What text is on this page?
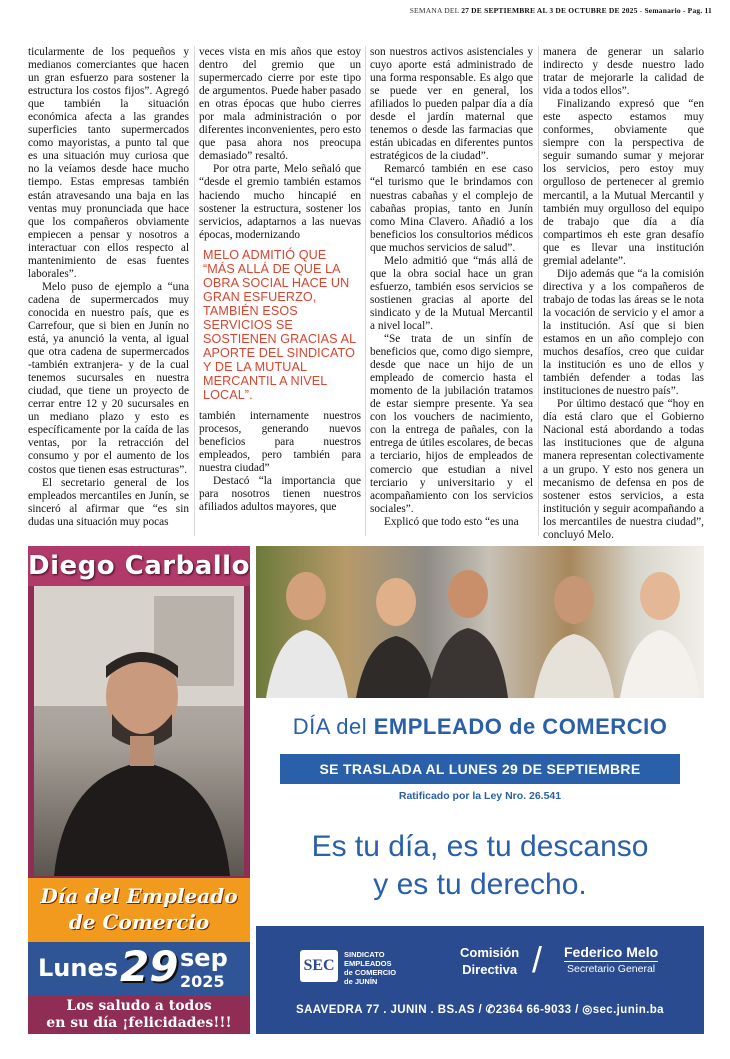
SEMANA DEL 27 DE SEPTIEMBRE AL 3 DE OCTUBRE DE 2025 - Semanario - Pag. 11

ticularmente de los pequeños y medianos comerciantes que hacen un gran esfuerzo para sostener la estructura los costos fijos”. Agregó que también la situación económica afecta a las grandes superficies tanto supermercados como mayoristas, a punto tal que es una situación muy curiosa que no la veíamos desde hace mucho tiempo. Estas empresas también están atravesando una baja en las ventas muy pronunciada que hace que los compañeros obviamente empiecen a pensar y nosotros a interactuar con ellos respecto al mantenimiento de esas fuentes laborales”.

Melo puso de ejemplo a “una cadena de supermercados muy conocida en nuestro país, que es Carrefour, que si bien en Junín no está, ya anunció la venta, al igual que otra cadena de supermercados -también extranjera- y de la cual tenemos sucursales en nuestra ciudad, que tiene un proyecto de cerrar entre 12 y 20 sucursales en un mediano plazo y esto es específicamente por la caída de las ventas, por la retracción del consumo y por el aumento de los costos que tienen esas estructuras”.

El secretario general de los empleados mercantiles en Junín, se sinceró al afirmar que “es sin dudas una situación muy pocas

veces vista en mis años que estoy dentro del gremio que un supermercado cierre por este tipo de argumentos. Puede haber pasado en otras épocas que hubo cierres por mala administración o por diferentes inconvenientes, pero esto que pasa ahora nos preocupa demasiado” resaltó.

Por otra parte, Melo señaló que “desde el gremio también estamos haciendo mucho hincapié en sostener la estructura, sostener los servicios, adaptarnos a las nuevas épocas, modernizando

MELO ADMITIÓ QUE “MÁS ALLÁ DE QUE LA OBRA SOCIAL HACE UN GRAN ESFUERZO, TAMBIÉN ESOS SERVICIOS SE SOSTIENEN GRACIAS AL APORTE DEL SINDICATO Y DE LA MUTUAL MERCANTIL A NIVEL LOCAL”.

también internamente nuestros procesos, generando nuevos beneficios para nuestros empleados, pero también para nuestra ciudad”

Destacó “la importancia que para nosotros tienen nuestros afiliados adultos mayores, que

son nuestros activos asistenciales y cuyo aporte está administrado de una forma responsable. Es algo que se puede ver en general, los afiliados lo pueden palpar día a día desde el jardín maternal que tenemos o desde las farmacias que están ubicadas en diferentes puntos estratégicos de la ciudad”.

Remarcó también en ese caso “el turismo que le brindamos con nuestras cabañas y el complejo de cabañas propias, tanto en Junín como Mina Clavero. Añadió a los beneficios los consultorios médicos que muchos servicios de salud”.

Melo admitió que “más allá de que la obra social hace un gran esfuerzo, también esos servicios se sostienen gracias al aporte del sindicato y de la Mutual Mercantil a nivel local”.

“Se trata de un sinfín de beneficios que, como digo siempre, desde que nace un hijo de un empleado de comercio hasta el momento de la jubilación tratamos de estar siempre presente. Ya sea con los vouchers de nacimiento, con la entrega de pañales, con la entrega de útiles escolares, de becas a terciario, hijos de empleados de comercio que estudian a nivel terciario y universitario y el acompañamiento con los servicios sociales”.

Explicó que todo esto “es una

manera de generar un salario indirecto y desde nuestro lado tratar de mejorarle la calidad de vida a todos ellos”.

Finalizando expresó que “en este aspecto estamos muy conformes, obviamente que siempre con la perspectiva de seguir sumando sumar y mejorar los servicios, pero estoy muy orgulloso de pertenecer al gremio mercantil, a la Mutual Mercantil y también muy orgulloso del equipo de trabajo que día a día compartimos eh este gran desafío que es llevar una institución gremial adelante”.

Dijo además que “a la comisión directiva y a los compañeros de trabajo de todas las áreas se le nota la vocación de servicio y el amor a la institución. Así que si bien estamos en un año complejo con muchos desafíos, creo que cuidar la institución es uno de ellos y también defender a todas las instituciones de nuestro país”.

Por último destacó que “hoy en día está claro que el Gobierno Nacional está abordando a todas las instituciones que de alguna manera representan colectivamente a un grupo. Y esto nos genera un mecanismo de defensa en pos de sostener estos servicios, a esta institución y seguir acompañando a los mercantiles de nuestra ciudad”, concluyó Melo.

Diego Carballo
Día del Empleado
de Comercio
Lunes 29 sep
2025
Los saludo a todos
en su día ¡felicidades!!!
DÍA del EMPLEADO de COMERCIO
SE TRASLADA AL LUNES 29 DE SEPTIEMBRE
Ratificado por la Ley Nro. 26.541
Es tu día, es tu descanso
y es tu derecho.
SEC
SINDICATO
EMPLEADOS
de COMERCIO
de JUNÍN
Comisión
Directiva / Federico Melo
Secretario General
SAAVEDRA 77 . JUNIN . BS.AS / ✆2364 66-9033 / ◎sec.junin.ba
